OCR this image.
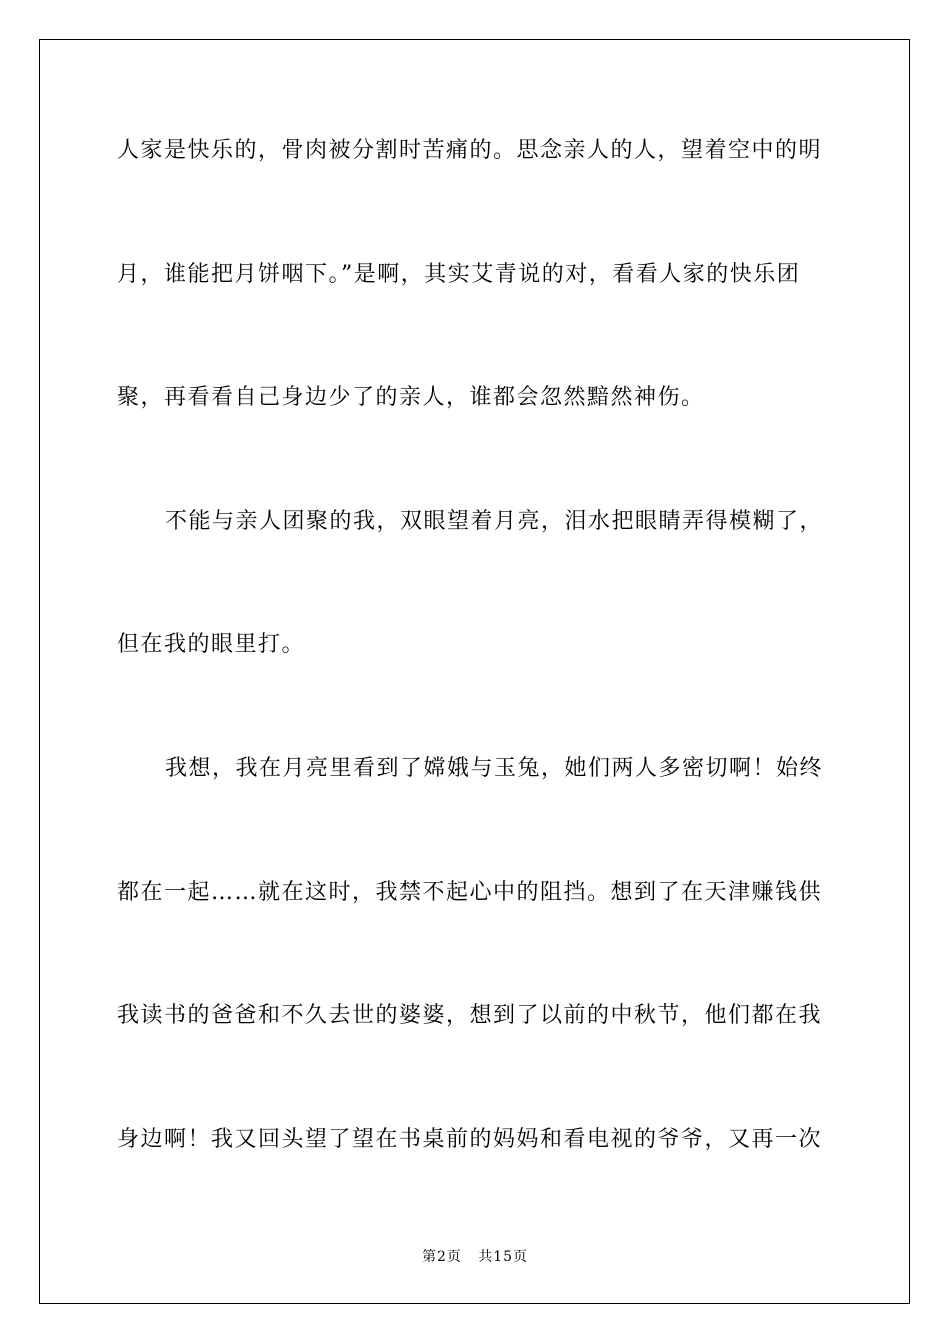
人家是快乐的，骨肉被分割时苦痛的。思念亲人的人，望着空中的明
月，谁能把月饼咽下。”是啊，其实艾青说的对，看看人家的快乐团
聚，再看看自己身边少了的亲人，谁都会忽然黯然神伤。
不能与亲人团聚的我，双眼望着月亮，泪水把眼睛弄得模糊了，
但在我的眼里打。
我想，我在月亮里看到了嫦娥与玉兔，她们两人多密切啊！始终
都在一起……就在这时，我禁不起心中的阻挡。想到了在天津赚钱供
我读书的爸爸和不久去世的婆婆，想到了以前的中秋节，他们都在我
身边啊！我又回头望了望在书桌前的妈妈和看电视的爷爷，又再一次
第2页   共15页
